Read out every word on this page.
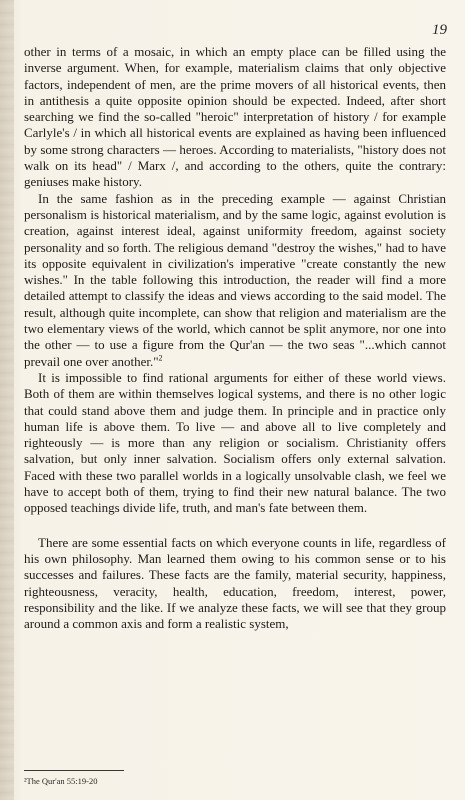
19

other in terms of a mosaic, in which an empty place can be filled using the inverse argument. When, for example, materialism claims that only objective factors, independent of men, are the prime movers of all historical events, then in antithesis a quite opposite opinion should be expected. Indeed, after short searching we find the so-called "heroic" interpretation of history / for example Carlyle's / in which all historical events are explained as having been influenced by some strong characters — heroes. According to materialists, "history does not walk on its head" / Marx /, and according to the others, quite the contrary: geniuses make history.

In the same fashion as in the preceding example — against Christian personalism is historical materialism, and by the same logic, against evolution is creation, against interest ideal, against uniformity freedom, against society personality and so forth. The religious demand "destroy the wishes," had to have its opposite equivalent in civilization's imperative "create constantly the new wishes." In the table following this introduction, the reader will find a more detailed attempt to classify the ideas and views according to the said model. The result, although quite incomplete, can show that religion and materialism are the two elementary views of the world, which cannot be split anymore, nor one into the other — to use a figure from the Qur'an — the two seas "...which cannot prevail one over another."$^2$

It is impossible to find rational arguments for either of these world views. Both of them are within themselves logical systems, and there is no other logic that could stand above them and judge them. In principle and in practice only human life is above them. To live — and above all to live completely and righteously — is more than any religion or socialism. Christianity offers salvation, but only inner salvation. Socialism offers only external salvation. Faced with these two parallel worlds in a logically unsolvable clash, we feel we have to accept both of them, trying to find their new natural balance. The two opposed teachings divide life, truth, and man's fate between them.

There are some essential facts on which everyone counts in life, regardless of his own philosophy. Man learned them owing to his common sense or to his successes and failures. These facts are the family, material security, happiness, righteousness, veracity, health, education, freedom, interest, power, responsibility and the like. If we analyze these facts, we will see that they group around a common axis and form a realistic system,

²The Qur'an 55:19-20
